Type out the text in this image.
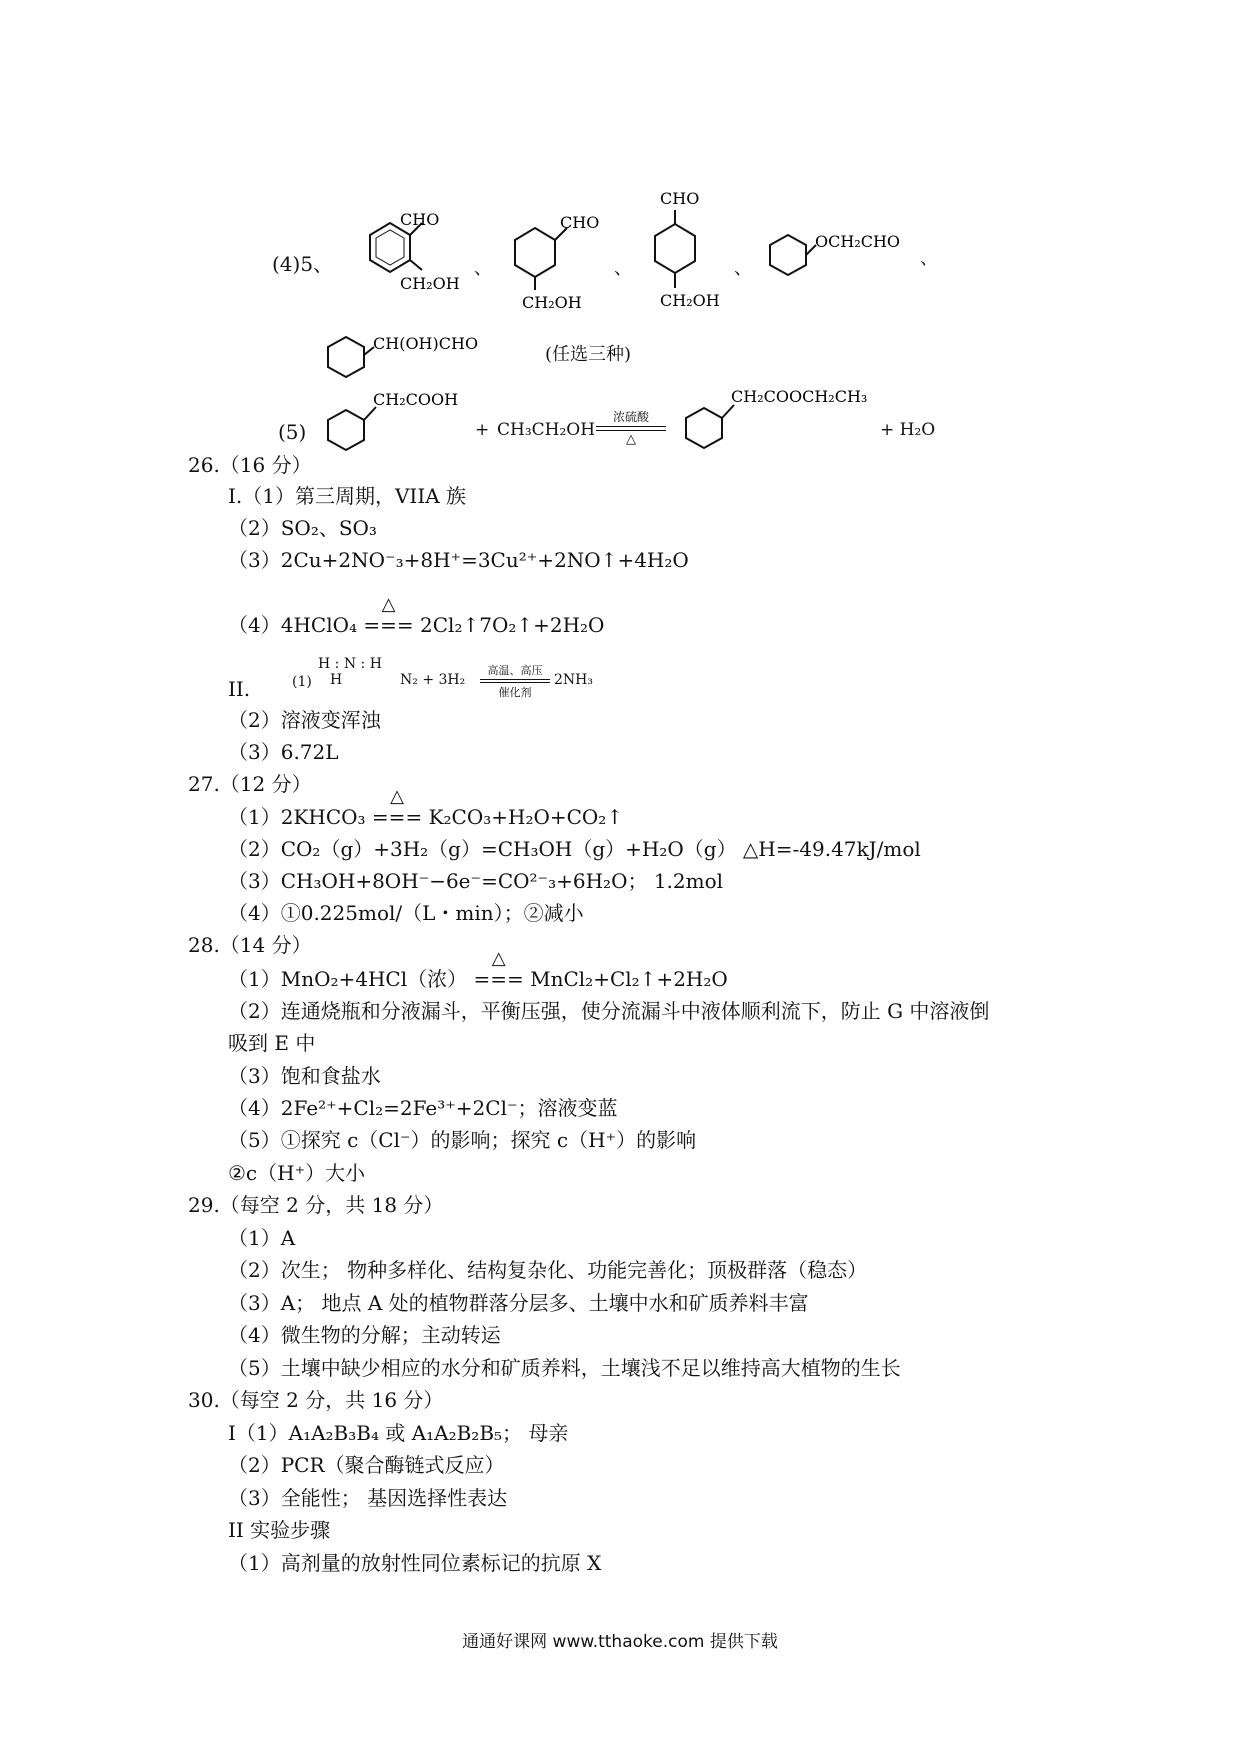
(4)5、
CHO
CH₂OH
、
CHO
CH₂OH
、
CHO
CH₂OH
、
OCH₂CHO
、
CH(OH)CHO
(任选三种)
(5)
CH₂COOH
+ CH₃CH₂OH
浓硫酸
△
CH₂COOCH₂CH₃
+ H₂O
26.（16 分）
I.（1）第三周期，VIIA 族
（2）SO₂、SO₃
（3）2Cu+2NO⁻₃+8H⁺=3Cu²⁺+2NO↑+4H₂O
（4）4HClO₄
△
=== 2Cl₂↑7O₂↑+2H₂O
II.	(1)
H : N : H
H	N₂ + 3H₂
高温、高压
催化剂
2NH₃
（2）溶液变浑浊
（3）6.72L
27.（12 分）
（1）2KHCO₃
△
=== K₂CO₃+H₂O+CO₂↑
（2）CO₂（g）+3H₂（g）=CH₃OH（g）+H₂O（g） △H=-49.47kJ/mol
（3）CH₃OH+8OH⁻−6e⁻=CO²⁻₃+6H₂O； 1.2mol
（4）①0.225mol/（L・min）；②减小
28.（14 分）
（1）MnO₂+4HCl（浓）
△
=== MnCl₂+Cl₂↑+2H₂O
（2）连通烧瓶和分液漏斗，平衡压强，使分流漏斗中液体顺利流下，防止 G 中溶液倒
吸到 E 中
（3）饱和食盐水
（4）2Fe²⁺+Cl₂=2Fe³⁺+2Cl⁻；溶液变蓝
（5）①探究 c（Cl⁻）的影响；探究 c（H⁺）的影响
②c（H⁺）大小
29.（每空 2 分，共 18 分）
（1）A
（2）次生； 物种多样化、结构复杂化、功能完善化；顶极群落（稳态）
（3）A； 地点 A 处的植物群落分层多、土壤中水和矿质养料丰富
（4）微生物的分解；主动转运
（5）土壤中缺少相应的水分和矿质养料，土壤浅不足以维持高大植物的生长
30.（每空 2 分，共 16 分）
I（1）A₁A₂B₃B₄ 或 A₁A₂B₂B₅； 母亲
（2）PCR（聚合酶链式反应）
（3）全能性； 基因选择性表达
II 实验步骤
（1）高剂量的放射性同位素标记的抗原 X
通通好课网 www.tthaoke.com 提供下载
